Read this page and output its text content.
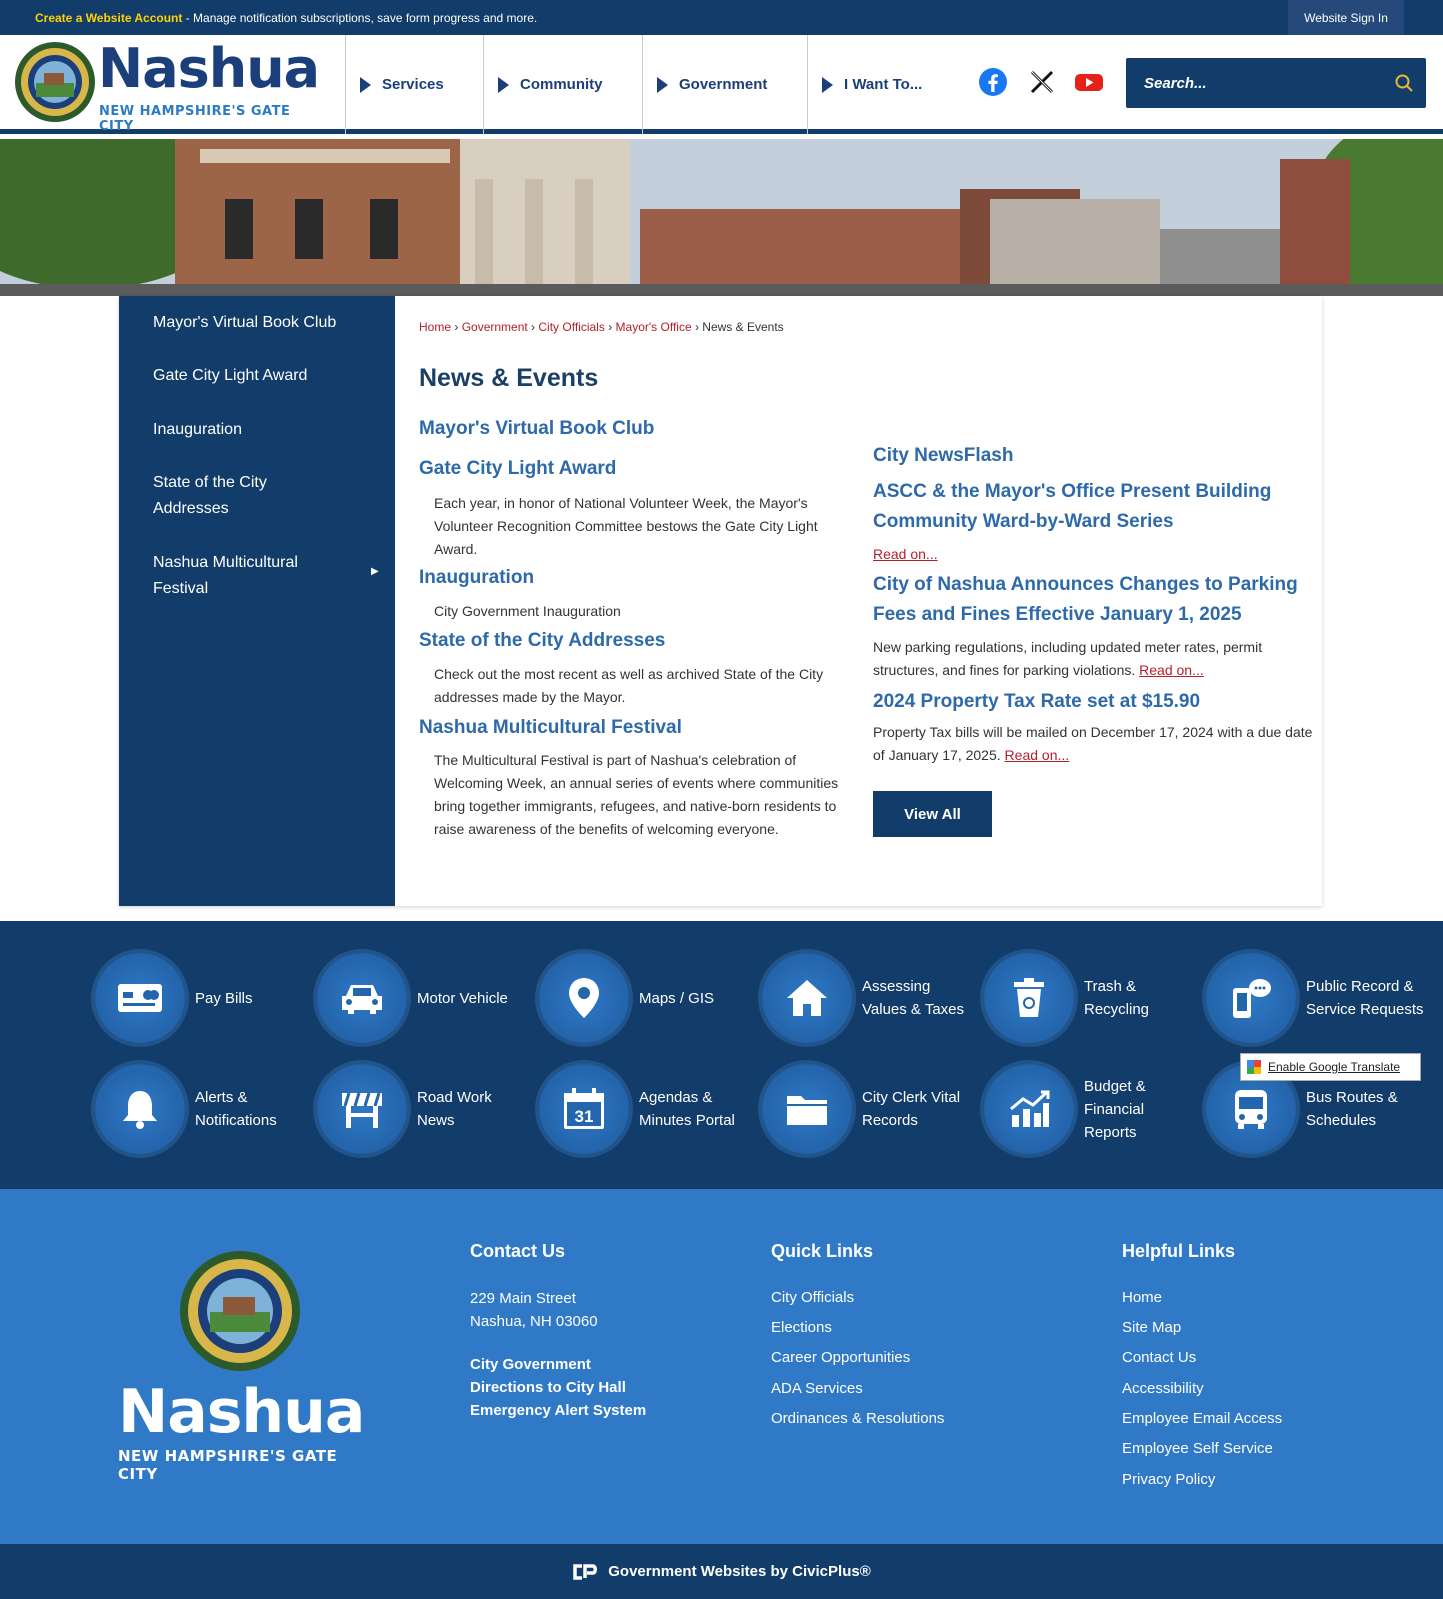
Create a Website Account - Manage notification subscriptions, save form progress and more.	Website Sign In
Nashua
NEW HAMPSHIRE'S GATE CITY
Services	Community	Government	I Want To...
Search...
Mayor's Virtual Book Club
Gate City Light Award
Inauguration
State of the City Addresses
Nashua Multicultural Festival
▶
Home › Government › City Officials › Mayor's Office › News & Events
News & Events
Mayor's Virtual Book Club
Gate City Light Award
Each year, in honor of National Volunteer Week, the Mayor's Volunteer Recognition Committee bestows the Gate City Light Award.
Inauguration
City Government Inauguration
State of the City Addresses
Check out the most recent as well as archived State of the City addresses made by the Mayor.
Nashua Multicultural Festival
The Multicultural Festival is part of Nashua's celebration of Welcoming Week, an annual series of events where communities bring together immigrants, refugees, and native-born residents to raise awareness of the benefits of welcoming everyone.
City NewsFlash
ASCC & the Mayor's Office Present Building Community Ward-by-Ward Series
Read on...
City of Nashua Announces Changes to Parking Fees and Fines Effective January 1, 2025
New parking regulations, including updated meter rates, permit structures, and fines for parking violations. Read on...
2024 Property Tax Rate set at $15.90
Property Tax bills will be mailed on December 17, 2024 with a due date of January 17, 2025. Read on...
View All
Pay Bills	Motor Vehicle	Maps / GIS
Assessing Values & Taxes
Trash & Recycling
Public Record & Service Requests
Alerts & Notifications
Road Work News	31
Agendas & Minutes Portal
City Clerk Vital Records
Budget & Financial Reports
Bus Routes & Schedules
Enable Google Translate
Nashua
NEW HAMPSHIRE'S GATE CITY
Contact Us
229 Main Street
Nashua, NH 03060
City Government
Directions to City Hall
Emergency Alert System
Quick Links
City Officials
Elections
Career Opportunities
ADA Services
Ordinances & Resolutions
Helpful Links
Home
Site Map
Contact Us
Accessibility
Employee Email Access
Employee Self Service
Privacy Policy
Government Websites by CivicPlus®
